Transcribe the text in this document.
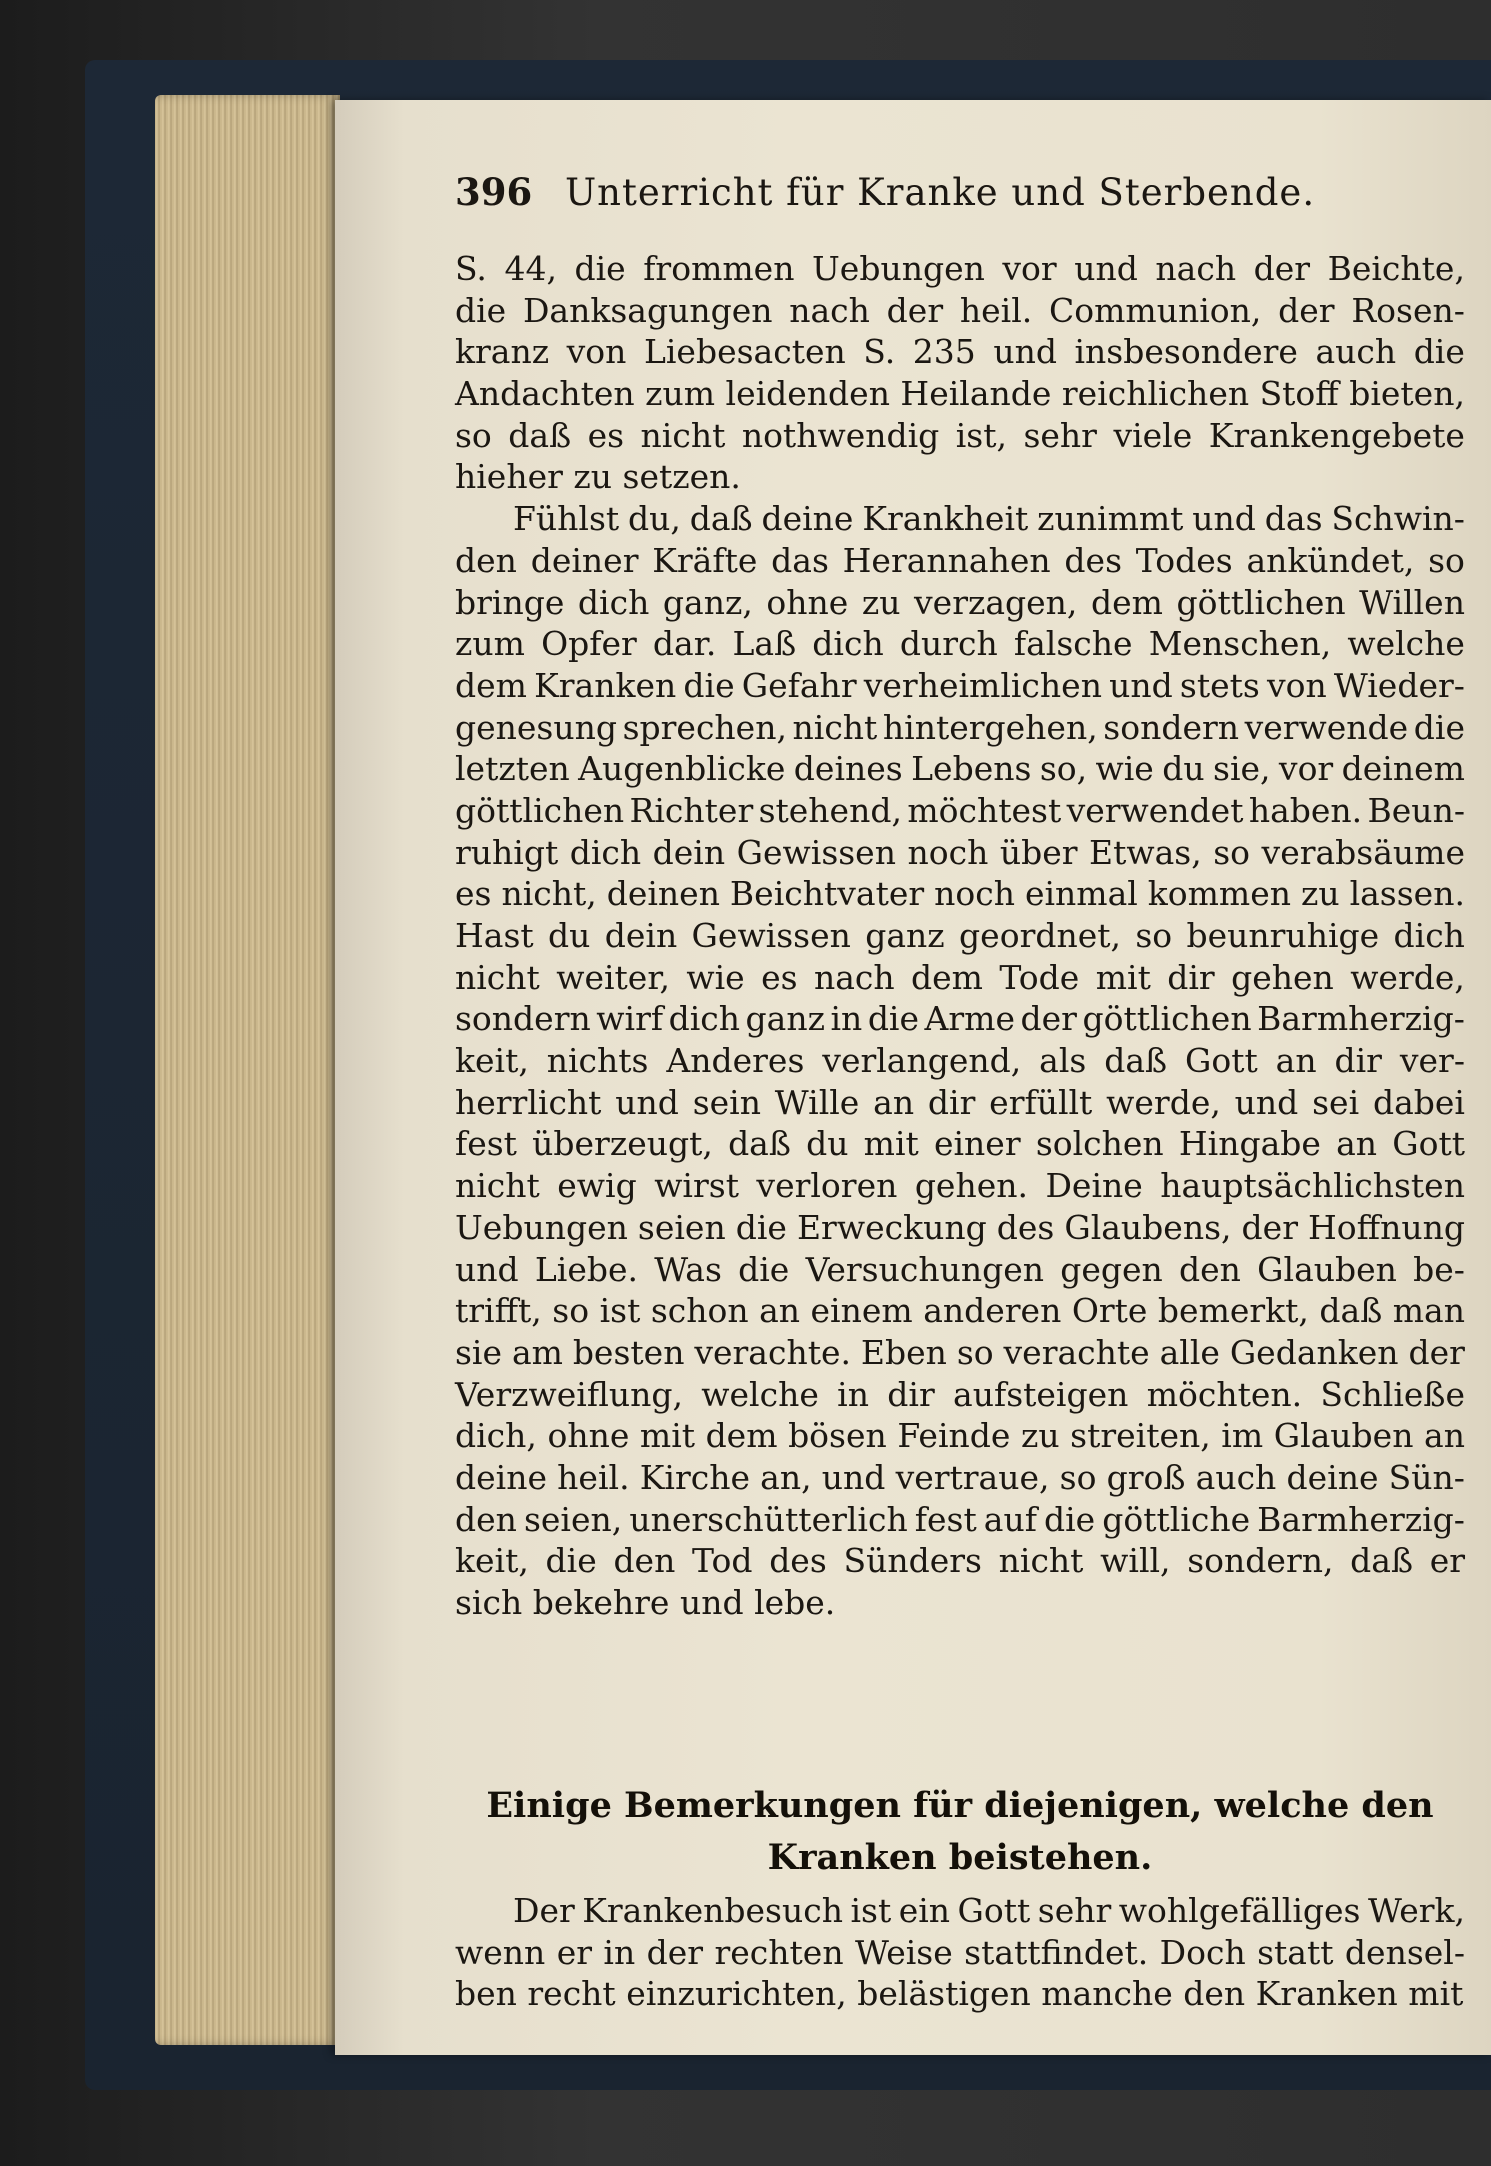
396 Unterricht für Kranke und Sterbende.
S. 44, die frommen Uebungen vor und nach der Beichte,
die Danksagungen nach der heil. Communion, der Rosen-
kranz von Liebesacten S. 235 und insbesondere auch die
Andachten zum leidenden Heilande reichlichen Stoff bieten,
so daß es nicht nothwendig ist, sehr viele Krankengebete
hieher zu setzen.
Fühlst du, daß deine Krankheit zunimmt und das Schwin-
den deiner Kräfte das Herannahen des Todes ankündet, so
bringe dich ganz, ohne zu verzagen, dem göttlichen Willen
zum Opfer dar. Laß dich durch falsche Menschen, welche
dem Kranken die Gefahr verheimlichen und stets von Wieder-
genesung sprechen, nicht hintergehen, sondern verwende die
letzten Augenblicke deines Lebens so, wie du sie, vor deinem
göttlichen Richter stehend, möchtest verwendet haben. Beun-
ruhigt dich dein Gewissen noch über Etwas, so verabsäume
es nicht, deinen Beichtvater noch einmal kommen zu lassen.
Hast du dein Gewissen ganz geordnet, so beunruhige dich
nicht weiter, wie es nach dem Tode mit dir gehen werde,
sondern wirf dich ganz in die Arme der göttlichen Barmherzig-
keit, nichts Anderes verlangend, als daß Gott an dir ver-
herrlicht und sein Wille an dir erfüllt werde, und sei dabei
fest überzeugt, daß du mit einer solchen Hingabe an Gott
nicht ewig wirst verloren gehen. Deine hauptsächlichsten
Uebungen seien die Erweckung des Glaubens, der Hoffnung
und Liebe. Was die Versuchungen gegen den Glauben be-
trifft, so ist schon an einem anderen Orte bemerkt, daß man
sie am besten verachte. Eben so verachte alle Gedanken der
Verzweiflung, welche in dir aufsteigen möchten. Schließe
dich, ohne mit dem bösen Feinde zu streiten, im Glauben an
deine heil. Kirche an, und vertraue, so groß auch deine Sün-
den seien, unerschütterlich fest auf die göttliche Barmherzig-
keit, die den Tod des Sünders nicht will, sondern, daß er
sich bekehre und lebe.
Einige Bemerkungen für diejenigen, welche den
Kranken beistehen.
Der Krankenbesuch ist ein Gott sehr wohlgefälliges Werk,
wenn er in der rechten Weise stattfindet. Doch statt densel-
ben recht einzurichten, belästigen manche den Kranken mit
